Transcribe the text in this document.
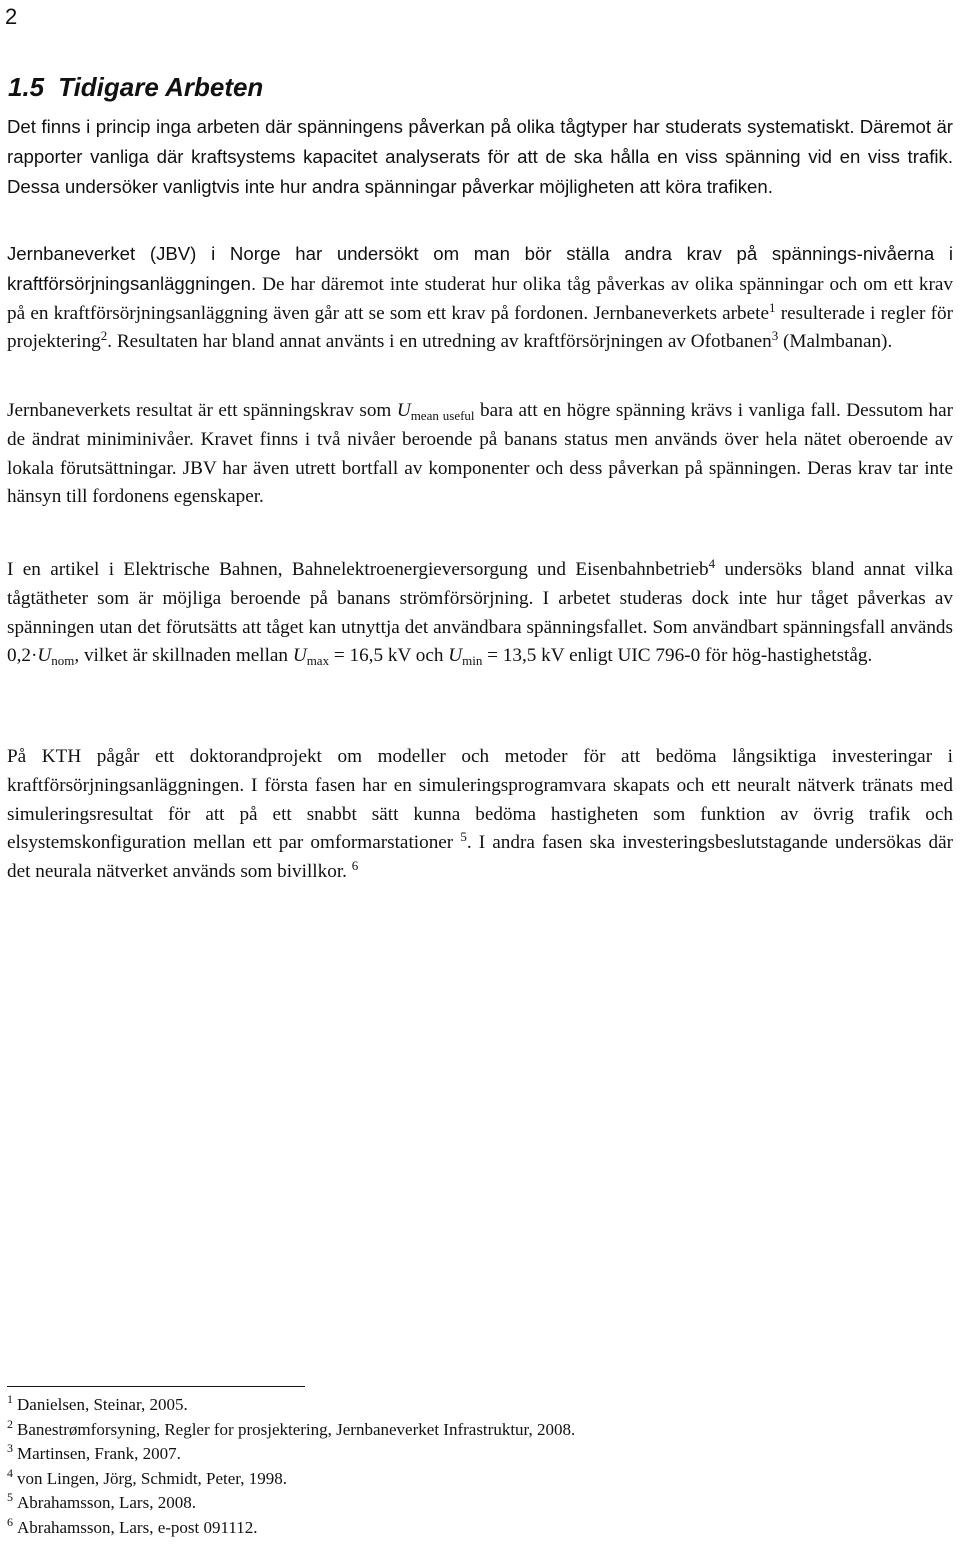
2
1.5 Tidigare Arbeten

Det finns i princip inga arbeten där spänningens påverkan på olika tågtyper har studerats systematiskt. Däremot är rapporter vanliga där kraftsystems kapacitet analyserats för att de ska hålla en viss spänning vid en viss trafik. Dessa undersöker vanligtvis inte hur andra spänningar påverkar möjligheten att köra trafiken.

Jernbaneverket (JBV) i Norge har undersökt om man bör ställa andra krav på spännings-nivåerna i kraftförsörjningsanläggningen. De har däremot inte studerat hur olika tåg påverkas av olika spänningar och om ett krav på en kraftförsörjningsanläggning även går att se som ett krav på fordonen. Jernbaneverkets arbete$^1$ resulterade i regler för projektering$^2$. Resultaten har bland annat använts i en utredning av kraftförsörjningen av Ofotbanen$^3$ (Malmbanan).

Jernbaneverkets resultat är ett spänningskrav som $U_{mean useful}$ bara att en högre spänning krävs i vanliga fall. Dessutom har de ändrat miniminivåer. Kravet finns i två nivåer beroende på banans status men används över hela nätet oberoende av lokala förutsättningar. JBV har även utrett bortfall av komponenter och dess påverkan på spänningen. Deras krav tar inte hänsyn till fordonens egenskaper.

I en artikel i Elektrische Bahnen, Bahnelektroenergieversorgung und Eisenbahnbetrieb$^4$ undersöks bland annat vilka tågtätheter som är möjliga beroende på banans strömförsörjning. I arbetet studeras dock inte hur tåget påverkas av spänningen utan det förutsätts att tåget kan utnyttja det användbara spänningsfallet. Som användbart spänningsfall används $0,2\cdot U_{nom}$, vilket är skillnaden mellan $U_{max} = 16,5$ kV och $U_{min} = 13,5$ kV enligt UIC 796-0 för hög-hastighetståg.

På KTH pågår ett doktorandprojekt om modeller och metoder för att bedöma långsiktiga investeringar i kraftförsörjningsanläggningen. I första fasen har en simuleringsprogramvara skapats och ett neuralt nätverk tränats med simuleringsresultat för att på ett snabbt sätt kunna bedöma hastigheten som funktion av övrig trafik och elsystemskonfiguration mellan ett par omformarstationer $^5$. I andra fasen ska investeringsbeslutstagande undersökas där det neurala nätverket används som bivillkor. $^6$

$^1$ Danielsen, Steinar, 2005.
$^2$ Banestrømforsyning, Regler for prosjektering, Jernbaneverket Infrastruktur, 2008.
$^3$ Martinsen, Frank, 2007.
$^4$ von Lingen, Jörg, Schmidt, Peter, 1998.
$^5$ Abrahamsson, Lars, 2008.
$^6$ Abrahamsson, Lars, e-post 091112.
